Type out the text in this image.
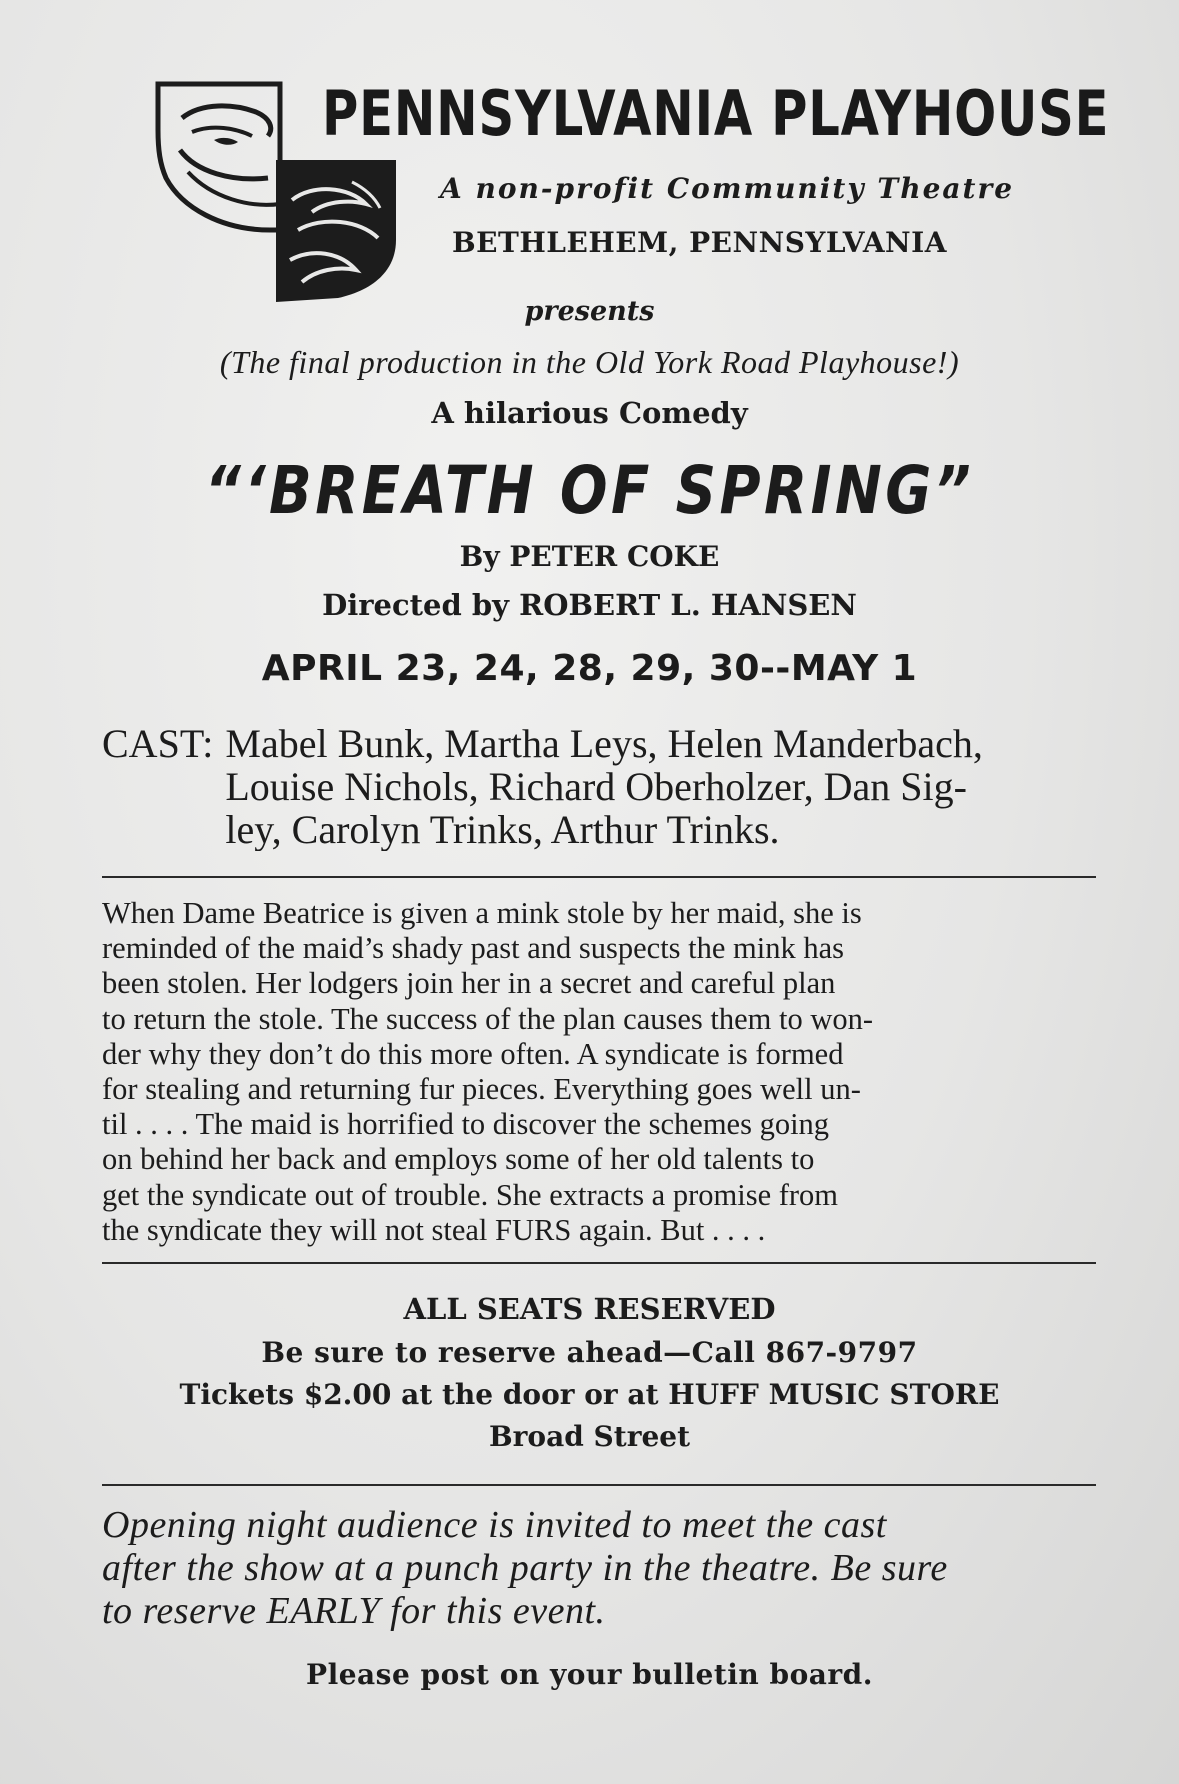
PENNSYLVANIA PLAYHOUSE

A non-profit Community Theatre

BETHLEHEM, PENNSYLVANIA

presents

(The final production in the Old York Road Playhouse!)

A hilarious Comedy

“‘BREATH OF SPRING”

By PETER COKE

Directed by ROBERT L. HANSEN

APRIL 23, 24, 28, 29, 30--MAY 1

CAST: Mabel Bunk, Martha Leys, Helen Manderbach,
Louise Nichols, Richard Oberholzer, Dan Sig-
ley, Carolyn Trinks, Arthur Trinks.
When Dame Beatrice is given a mink stole by her maid, she is
reminded of the maid’s shady past and suspects the mink has
been stolen. Her lodgers join her in a secret and careful plan
to return the stole. The success of the plan causes them to won-
der why they don’t do this more often. A syndicate is formed
for stealing and returning fur pieces. Everything goes well un-
til . . . . The maid is horrified to discover the schemes going
on behind her back and employs some of her old talents to
get the syndicate out of trouble. She extracts a promise from
the syndicate they will not steal FURS again. But . . . .

ALL SEATS RESERVED

Be sure to reserve ahead—Call 867-9797

Tickets $2.00 at the door or at HUFF MUSIC STORE

Broad Street

Opening night audience is invited to meet the cast
after the show at a punch party in the theatre. Be sure
to reserve EARLY for this event.

Please post on your bulletin board.
